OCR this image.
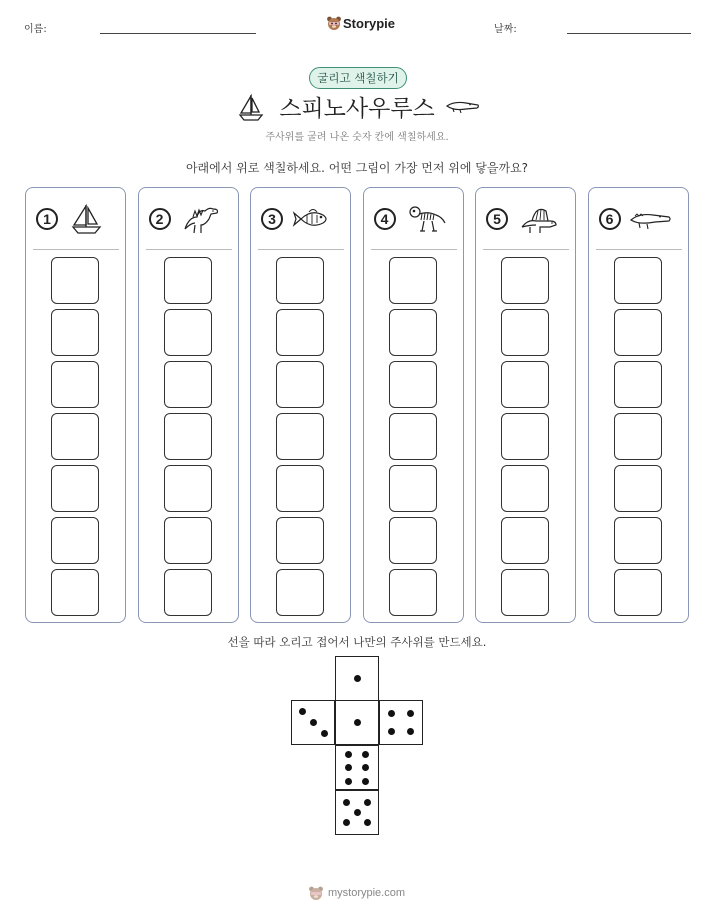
이름:	Storypie	날짜:
굴리고 색칠하기
스피노사우루스
주사위를 굴려 나온 숫자 칸에 색칠하세요.
아래에서 위로 색칠하세요. 어떤 그림이 가장 먼저 위에 닿을까요?
1	2	3	4	5	6
선을 따라 오리고 접어서 나만의 주사위를 만드세요.
mystorypie.com
